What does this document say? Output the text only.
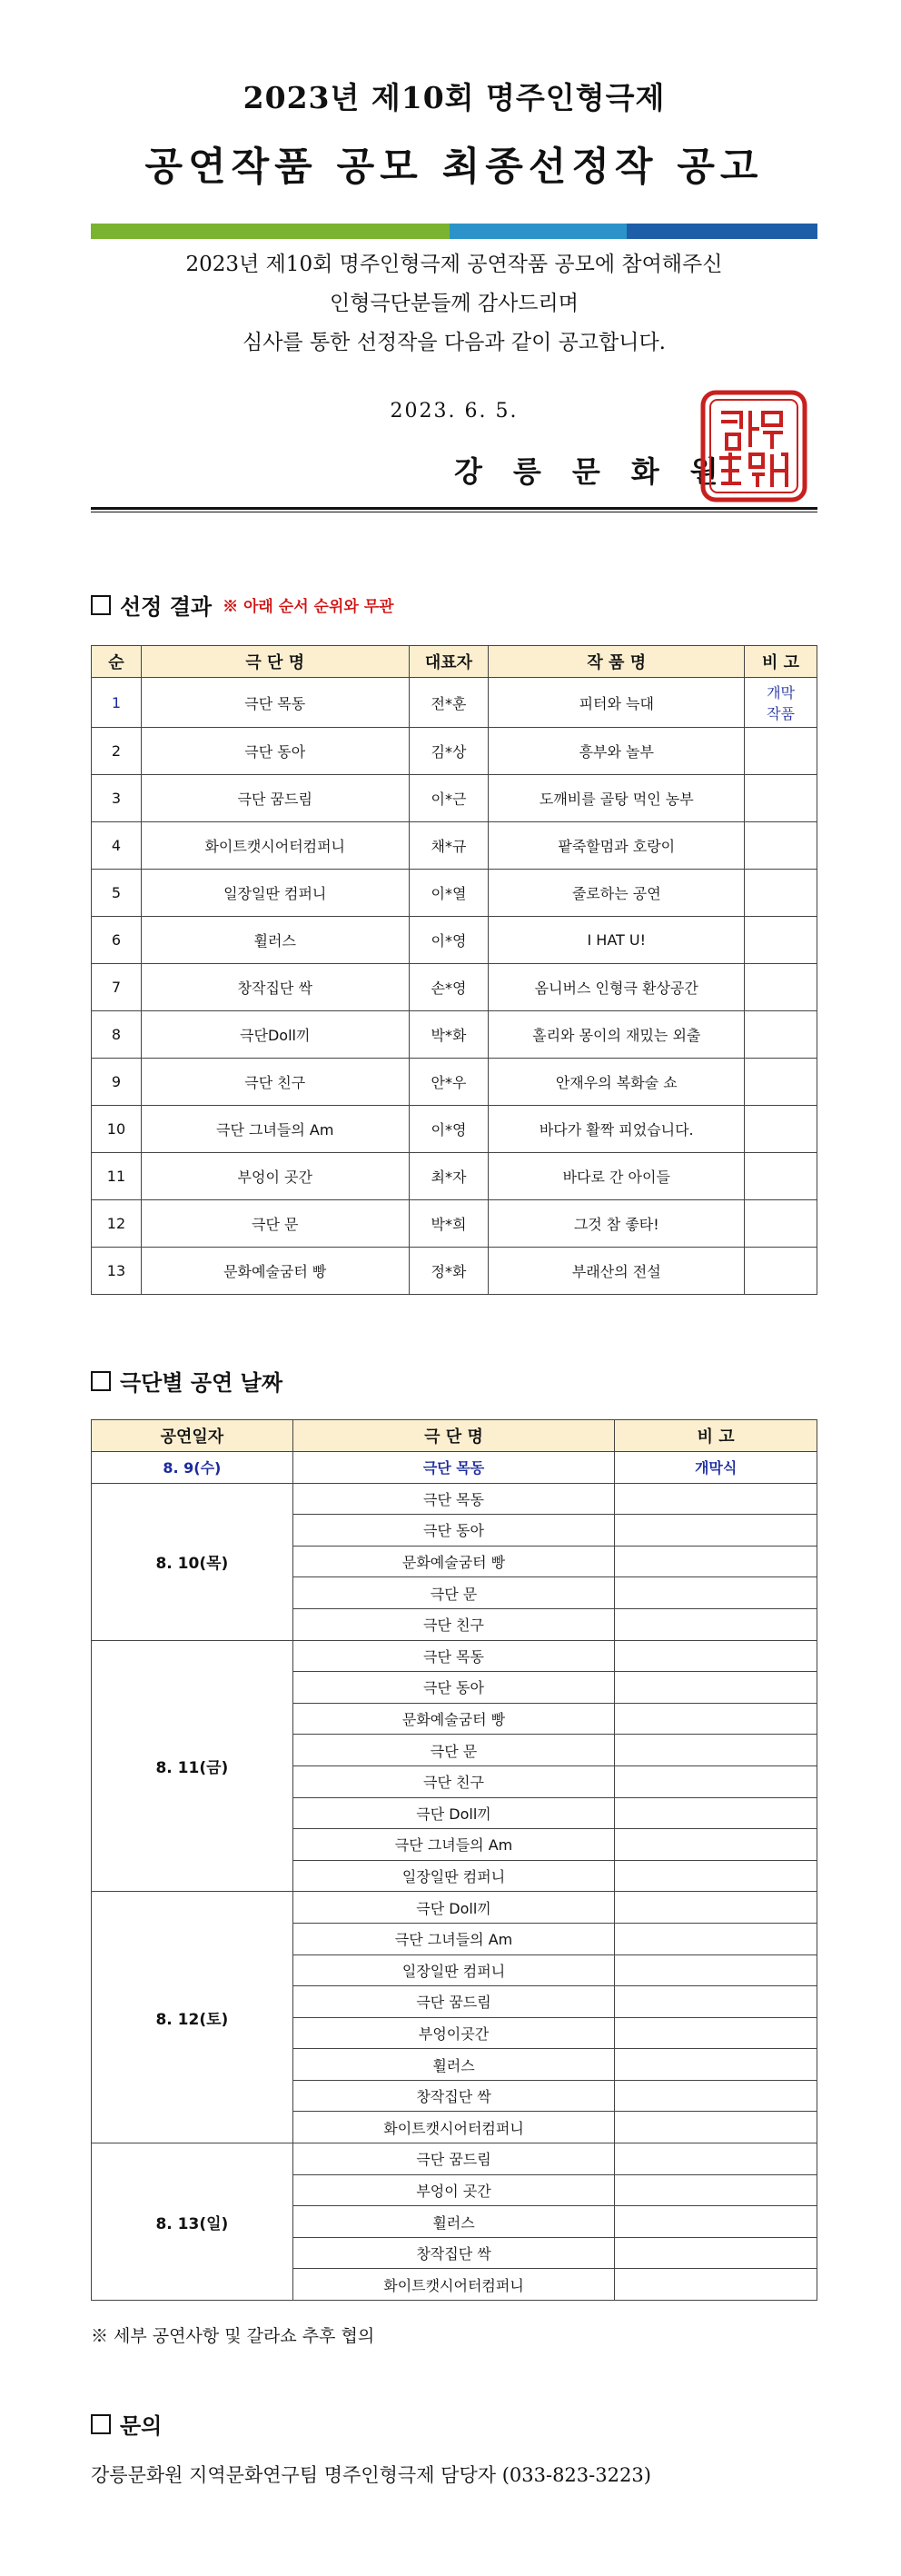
2023년 제10회 명주인형극제
공연작품 공모 최종선정작 공고
2023년 제10회 명주인형극제 공연작품 공모에 참여해주신
인형극단분들께 감사드리며
심사를 통한 선정작을 다음과 같이 공고합니다.
2023. 6. 5.
강릉문화원
선정 결과 ※ 아래 순서 순위와 무관
순	극 단 명	대표자	작 품 명	비 고
1	극단 목동	전*훈	피터와 늑대	개막
작품
2	극단 동아	김*상	흥부와 놀부	
3	극단 꿈드림	이*근	도깨비를 골탕 먹인 농부	
4	화이트캣시어터컴퍼니	채*규	팥죽할멈과 호랑이	
5	일장일딴 컴퍼니	이*열	줄로하는 공연	
6	휠러스	이*영	I HAT U!	
7	창작집단 싹	손*영	옴니버스 인형극 환상공간	
8	극단Doll끼	박*화	홀리와 몽이의 재밌는 외출	
9	극단 친구	안*우	안재우의 복화술 쇼	
10	극단 그녀들의 Am	이*영	바다가 활짝 피었습니다.	
11	부엉이 곳간	최*자	바다로 간 아이들	
12	극단 문	박*희	그것 참 좋타!	
13	문화예술굼터 빵	정*화	부래산의 전설	
극단별 공연 날짜
공연일자	극 단 명	비 고
8. 9(수)	극단 목동	개막식
8. 10(목)	극단 목동	
	극단 동아	
	문화예술굼터 빵	
	극단 문	
	극단 친구	
8. 11(금)	극단 목동	
	극단 동아	
	문화예술굼터 빵	
	극단 문	
	극단 친구	
	극단 Doll끼	
	극단 그녀들의 Am	
	일장일딴 컴퍼니	
8. 12(토)	극단 Doll끼	
	극단 그녀들의 Am	
	일장일딴 컴퍼니	
	극단 꿈드림	
	부엉이곳간	
	휠러스	
	창작집단 싹	
	화이트캣시어터컴퍼니	
8. 13(일)	극단 꿈드림	
	부엉이 곳간	
	휠러스	
	창작집단 싹	
	화이트캣시어터컴퍼니	
※ 세부 공연사항 및 갈라쇼 추후 협의
문의
강릉문화원 지역문화연구팀 명주인형극제 담당자 (033-823-3223)
